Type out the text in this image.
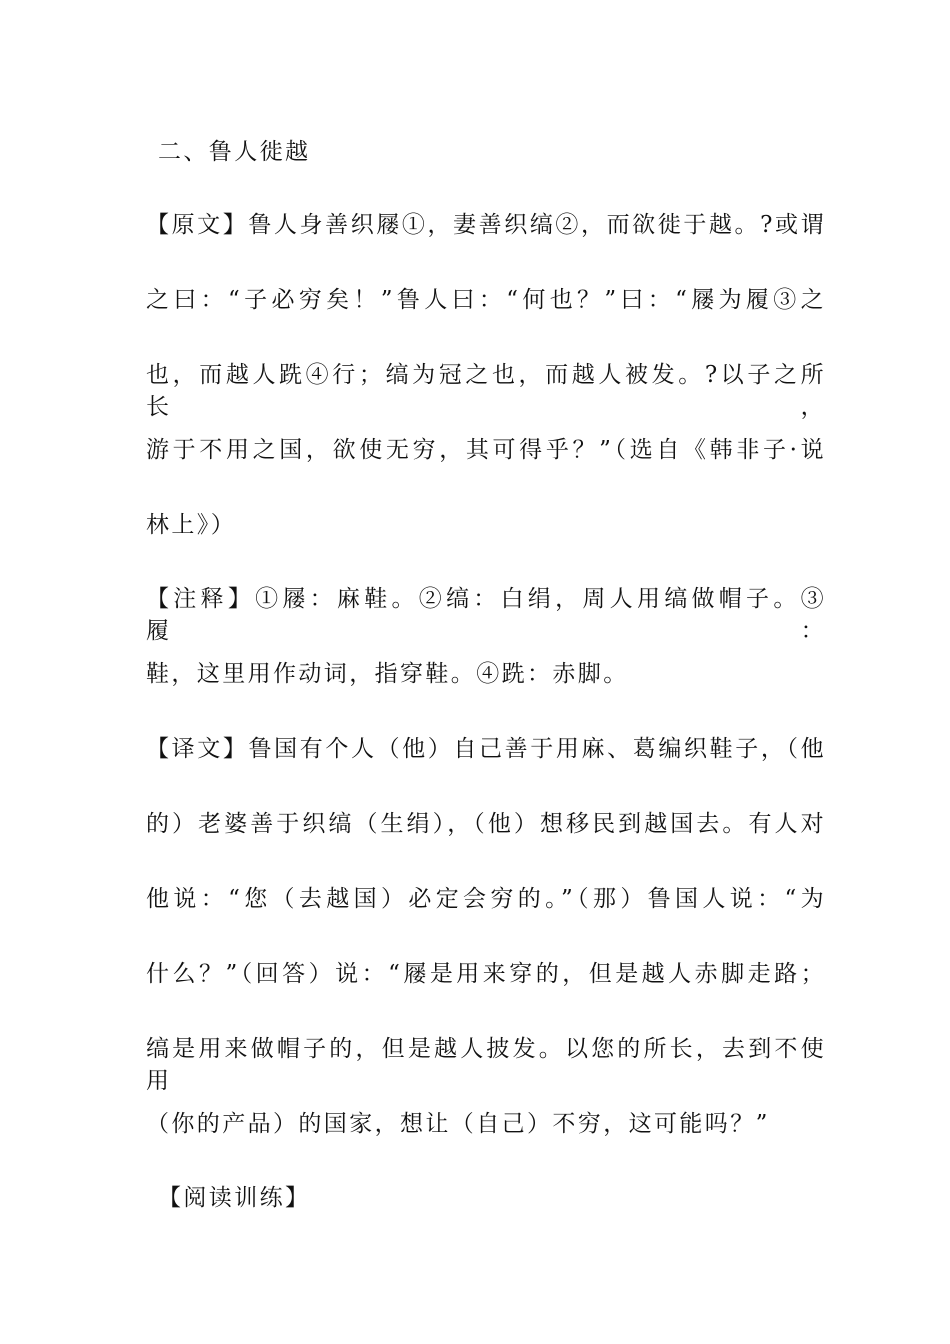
二、鲁人徙越
【原文】鲁人身善织屦①，妻善织缟②，而欲徙于越。?或谓
之曰：“子必穷矣！”鲁人曰：“何也？”曰：“屦为履③之
也，而越人跣④行；缟为冠之也，而越人被发。?以子之所长，
游于不用之国，欲使无穷，其可得乎？”（选自《韩非子·说
林上》）
【注释】①屦：麻鞋。②缟：白绢，周人用缟做帽子。③履：
鞋，这里用作动词，指穿鞋。④跣：赤脚。
【译文】鲁国有个人（他）自己善于用麻、葛编织鞋子，（他
的）老婆善于织缟（生绢），（他）想移民到越国去。有人对
他说：“您（去越国）必定会穷的。”（那）鲁国人说：“为
什么？”（回答）说：“屦是用来穿的，但是越人赤脚走路；
缟是用来做帽子的，但是越人披发。以您的所长，去到不使用
（你的产品）的国家，想让（自己）不穷，这可能吗？”
【阅读训练】
